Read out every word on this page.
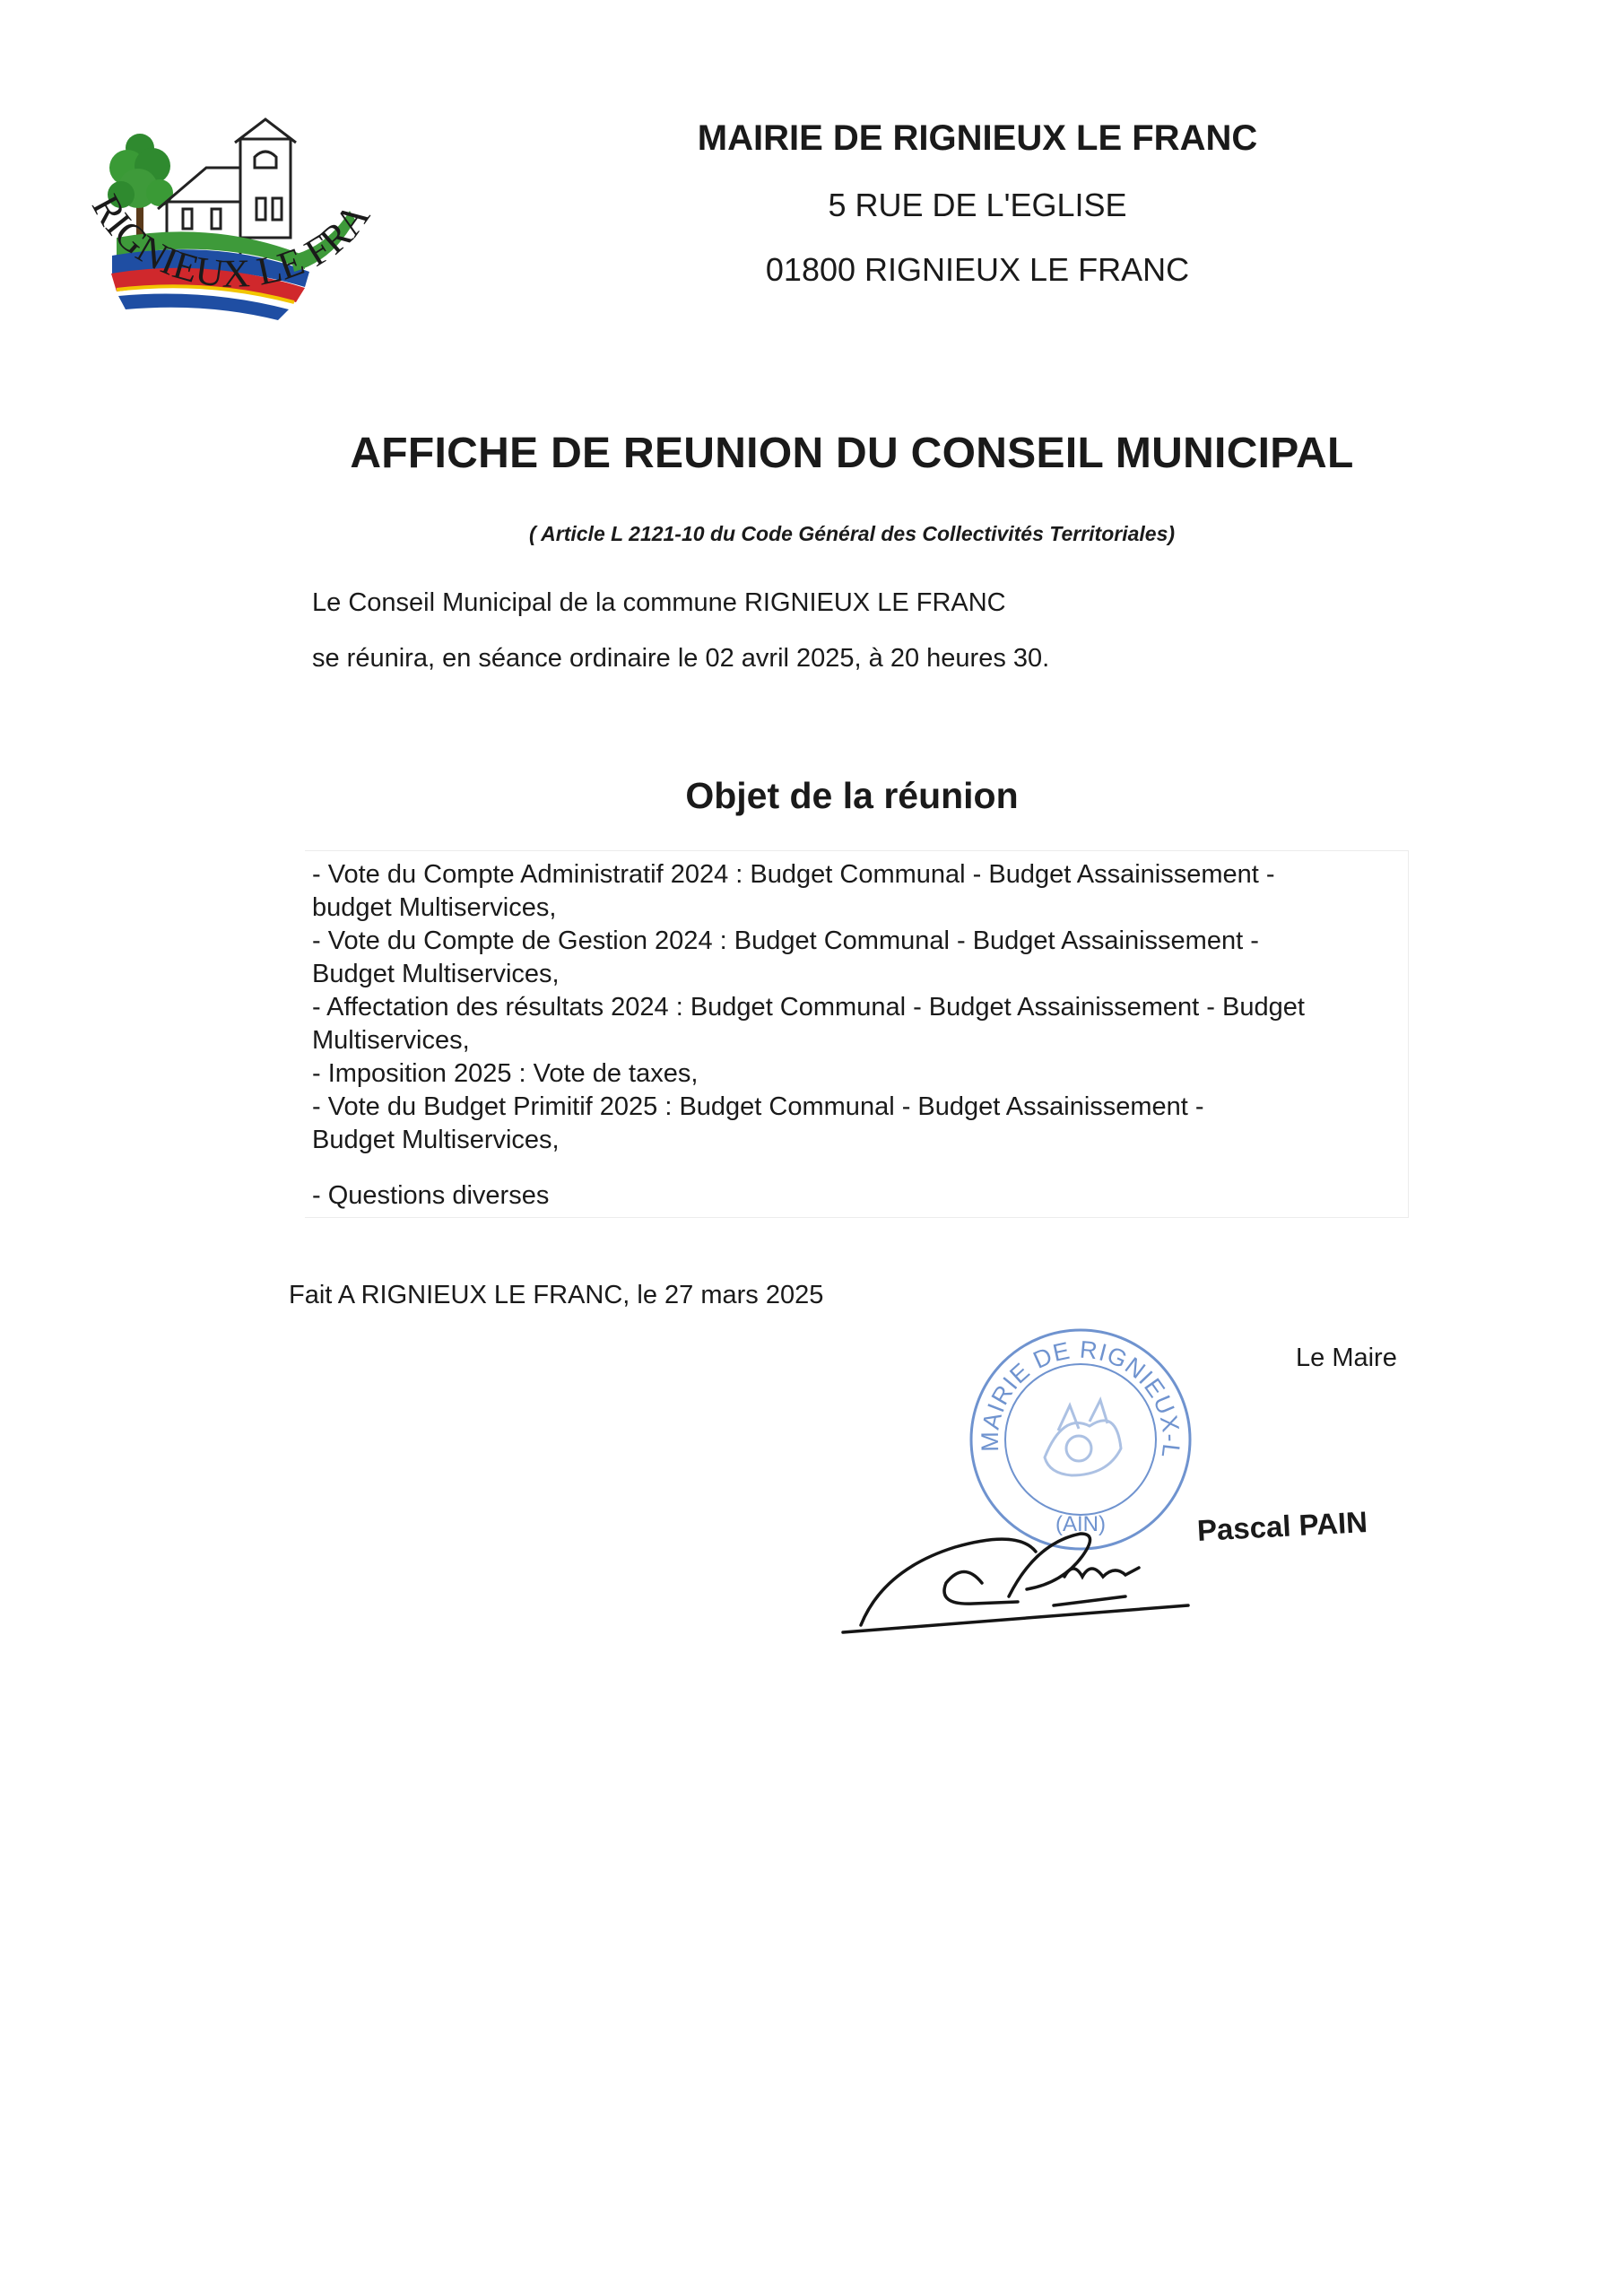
RIGNIEUX LE FRA
MAIRIE DE RIGNIEUX LE FRANC
5 RUE DE L'EGLISE
01800 RIGNIEUX LE FRANC
AFFICHE DE REUNION DU CONSEIL MUNICIPAL
( Article L 2121-10 du Code Général des Collectivités Territoriales)
Le Conseil Municipal de la commune RIGNIEUX LE FRANC
se réunira, en séance ordinaire le 02 avril 2025, à 20 heures 30.
Objet de la réunion
- Vote du Compte Administratif 2024 : Budget Communal - Budget Assainissement -
budget Multiservices,
- Vote du Compte de Gestion 2024 : Budget Communal - Budget Assainissement -
Budget Multiservices,
- Affectation des résultats 2024 : Budget Communal - Budget Assainissement - Budget
Multiservices,
- Imposition 2025 : Vote de taxes,
- Vote du Budget Primitif 2025 : Budget Communal - Budget Assainissement -
Budget Multiservices,
- Questions diverses
Fait A RIGNIEUX LE FRANC, le 27 mars 2025
Le Maire
MAIRIE DE RIGNIEUX-L
(AIN)	Pascal PAIN
